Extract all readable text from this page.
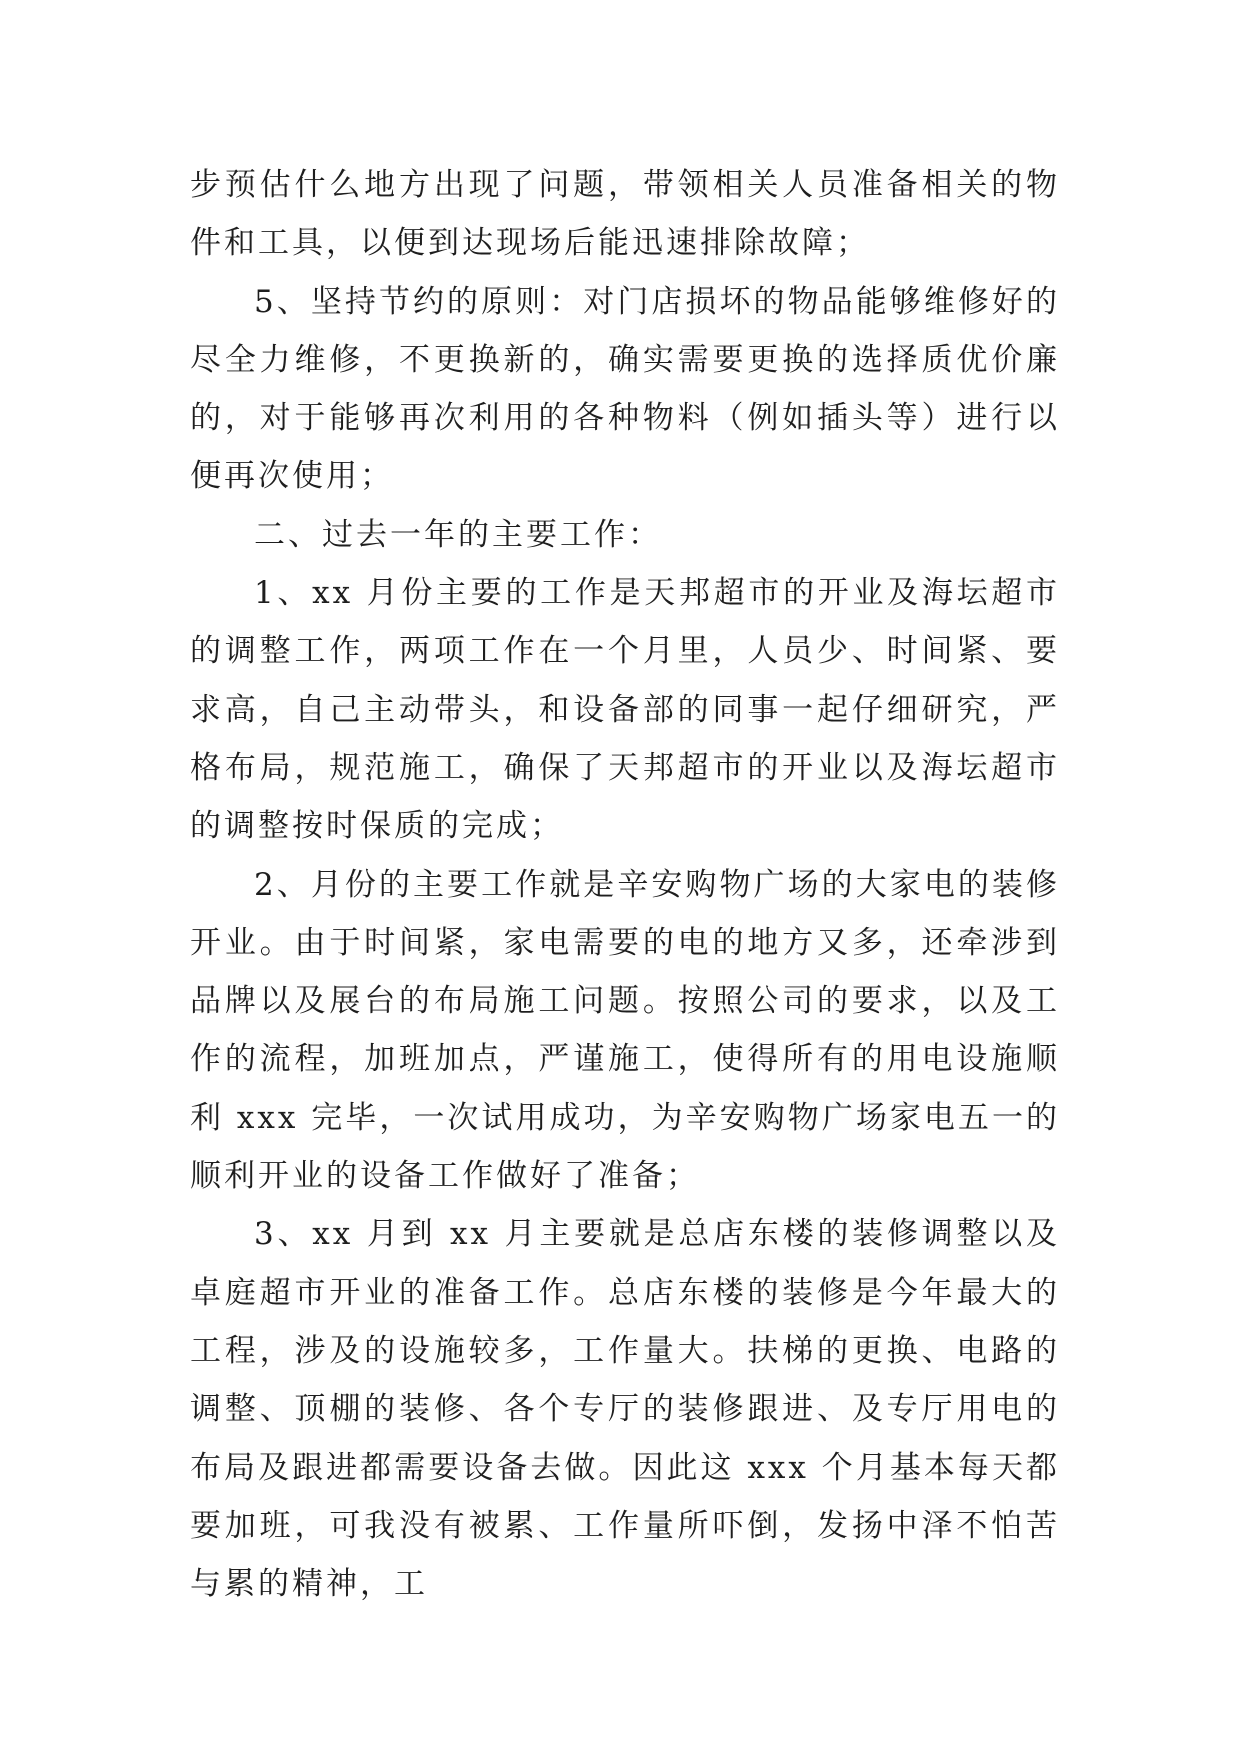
步预估什么地方出现了问题，带领相关人员准备相关的物件和工具，以便到达现场后能迅速排除故障；

5、坚持节约的原则：对门店损坏的物品能够维修好的尽全力维修，不更换新的，确实需要更换的选择质优价廉的，对于能够再次利用的各种物料（例如插头等）进行以便再次使用；

二、过去一年的主要工作：

1、xx 月份主要的工作是天邦超市的开业及海坛超市的调整工作，两项工作在一个月里，人员少、时间紧、要求高，自己主动带头，和设备部的同事一起仔细研究，严格布局，规范施工，确保了天邦超市的开业以及海坛超市的调整按时保质的完成；

2、月份的主要工作就是辛安购物广场的大家电的装修开业。由于时间紧，家电需要的电的地方又多，还牵涉到品牌以及展台的布局施工问题。按照公司的要求，以及工作的流程，加班加点，严谨施工，使得所有的用电设施顺利 xxx 完毕，一次试用成功，为辛安购物广场家电五一的顺利开业的设备工作做好了准备；

3、xx 月到 xx 月主要就是总店东楼的装修调整以及卓庭超市开业的准备工作。总店东楼的装修是今年最大的工程，涉及的设施较多，工作量大。扶梯的更换、电路的调整、顶棚的装修、各个专厅的装修跟进、及专厅用电的布局及跟进都需要设备去做。因此这 xxx 个月基本每天都要加班，可我没有被累、工作量所吓倒，发扬中泽不怕苦与累的精神，工
